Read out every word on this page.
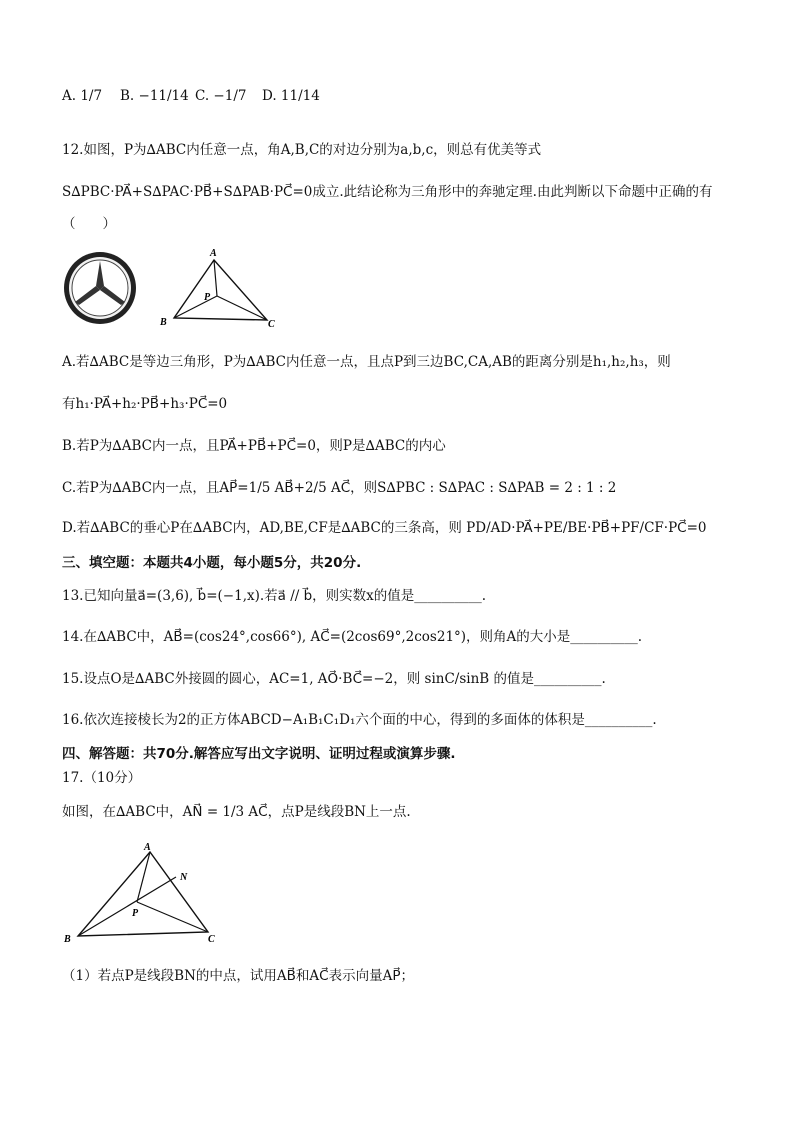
A. 1/7 B. −11/14 C. −1/7 D. 11/14
12.如图，P为∆ABC内任意一点，角A,B,C的对边分别为a,b,c，则总有优美等式
S∆PBC·PA⃗+S∆PAC·PB⃗+S∆PAB·PC⃗=0成立.此结论称为三角形中的奔驰定理.由此判断以下命题中正确的有
（　　）
A
B	C
P
A.若∆ABC是等边三角形，P为∆ABC内任意一点，且点P到三边BC,CA,AB的距离分别是h₁,h₂,h₃，则
有h₁·PA⃗+h₂·PB⃗+h₃·PC⃗=0
B.若P为∆ABC内一点，且PA⃗+PB⃗+PC⃗=0，则P是∆ABC的内心
C.若P为∆ABC内一点，且AP⃗=1/5 AB⃗+2/5 AC⃗，则S∆PBC : S∆PAC : S∆PAB = 2 : 1 : 2
D.若∆ABC的垂心P在∆ABC内，AD,BE,CF是∆ABC的三条高，则 PD/AD·PA⃗+PE/BE·PB⃗+PF/CF·PC⃗=0
三、填空题：本题共4小题，每小题5分，共20分.
13.已知向量a⃗=(3,6), b⃗=(−1,x).若a⃗ // b⃗，则实数x的值是__________.
14.在∆ABC中，AB⃗=(cos24°,cos66°), AC⃗=(2cos69°,2cos21°)，则角A的大小是__________.
15.设点O是∆ABC外接圆的圆心，AC=1, AO⃗·BC⃗=−2，则 sinC/sinB 的值是__________.
16.依次连接棱长为2的正方体ABCD−A₁B₁C₁D₁六个面的中心，得到的多面体的体积是__________.
四、解答题：共70分.解答应写出文字说明、证明过程或演算步骤.
17.（10分）
如图，在∆ABC中，AN⃗ = 1/3 AC⃗，点P是线段BN上一点.
A
B	C
N
P
（1）若点P是线段BN的中点，试用AB⃗和AC⃗表示向量AP⃗；
